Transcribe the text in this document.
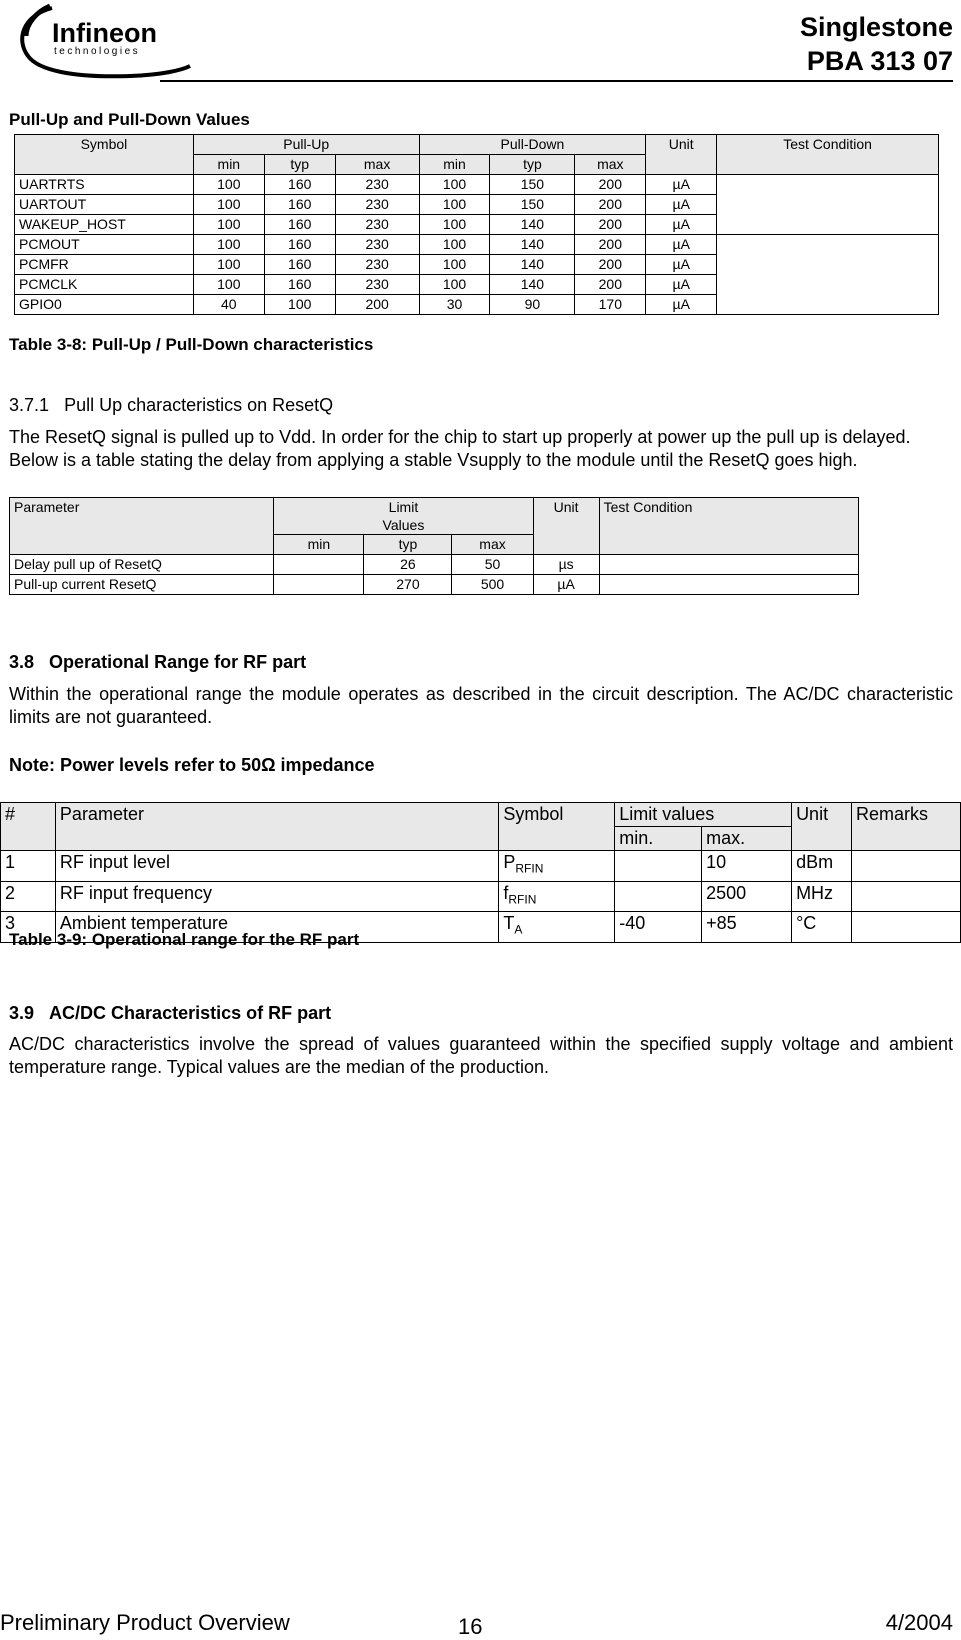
Infineon
technologies
Singlestone
PBA 313 07
Pull-Up and Pull-Down Values
Symbol	Pull-Up			Pull-Down			Unit	Test Condition
	min	typ	max	min	typ	max		
UARTRTS	100	160	230	100	150	200	µA	
UARTOUT	100	160	230	100	150	200	µA	
WAKEUP_HOST	100	160	230	100	140	200	µA	
PCMOUT	100	160	230	100	140	200	µA	
PCMFR	100	160	230	100	140	200	µA	
PCMCLK	100	160	230	100	140	200	µA	
GPIO0	40	100	200	30	90	170	µA	
Table 3-8: Pull-Up / Pull-Down characteristics
3.7.1 Pull Up characteristics on ResetQ
The ResetQ signal is pulled up to Vdd. In order for the chip to start up properly at power up the pull up is delayed. Below is a table stating the delay from applying a stable Vsupply to the module until the ResetQ goes high.
Parameter	Limit
Values			Unit	Test Condition
	min	typ	max		
Delay pull up of ResetQ		26	50	µs	
Pull-up current ResetQ		270	500	µA	
3.8 Operational Range for RF part
Within the operational range the module operates as described in the circuit description. The AC/DC characteristic limits are not guaranteed.
Note: Power levels refer to 50Ω impedance
#	Parameter	Symbol	Limit values		Unit	Remarks
			min.	max.		
1	RF input level	$P_{RFIN}$		10	dBm	
2	RF input frequency	$f_{RFIN}$		2500	MHz	
3	Ambient temperature	$T_A$	-40	+85	°C	
Table 3-9: Operational range for the RF part
3.9 AC/DC Characteristics of RF part
AC/DC characteristics involve the spread of values guaranteed within the specified supply voltage and ambient temperature range. Typical values are the median of the production.
Preliminary Product Overview	16	4/2004
